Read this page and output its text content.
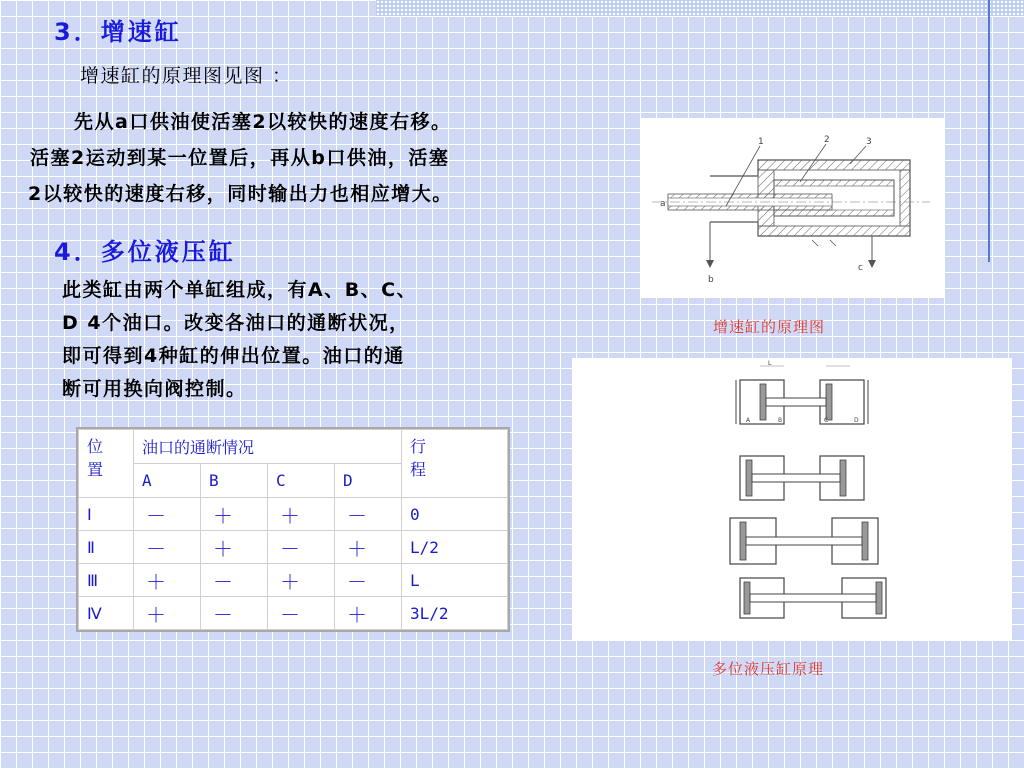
3．增速缸

增速缸的原理图见图 ：

先从a口供油使活塞2以较快的速度右移。

活塞2运动到某一位置后，再从b口供油，活塞

2以较快的速度右移，同时输出力也相应增大。

4．多位液压缸

此类缸由两个单缸组成，有A、B、C、

D 4个油口。改变各油口的通断状况，

即可得到4种缸的伸出位置。油口的通

断可用换向阀控制。

1	2	3
a
b
c
增速缸的原理图
L
A	B	C	D
多位液压缸原理
位
置	油口的通断情况				行
程
	A	B	C	D	
Ⅰ	－	＋	＋	－	0
Ⅱ	－	＋	－	＋	L/2
Ⅲ	＋	－	＋	－	L
Ⅳ	＋	－	－	＋	3L/2
